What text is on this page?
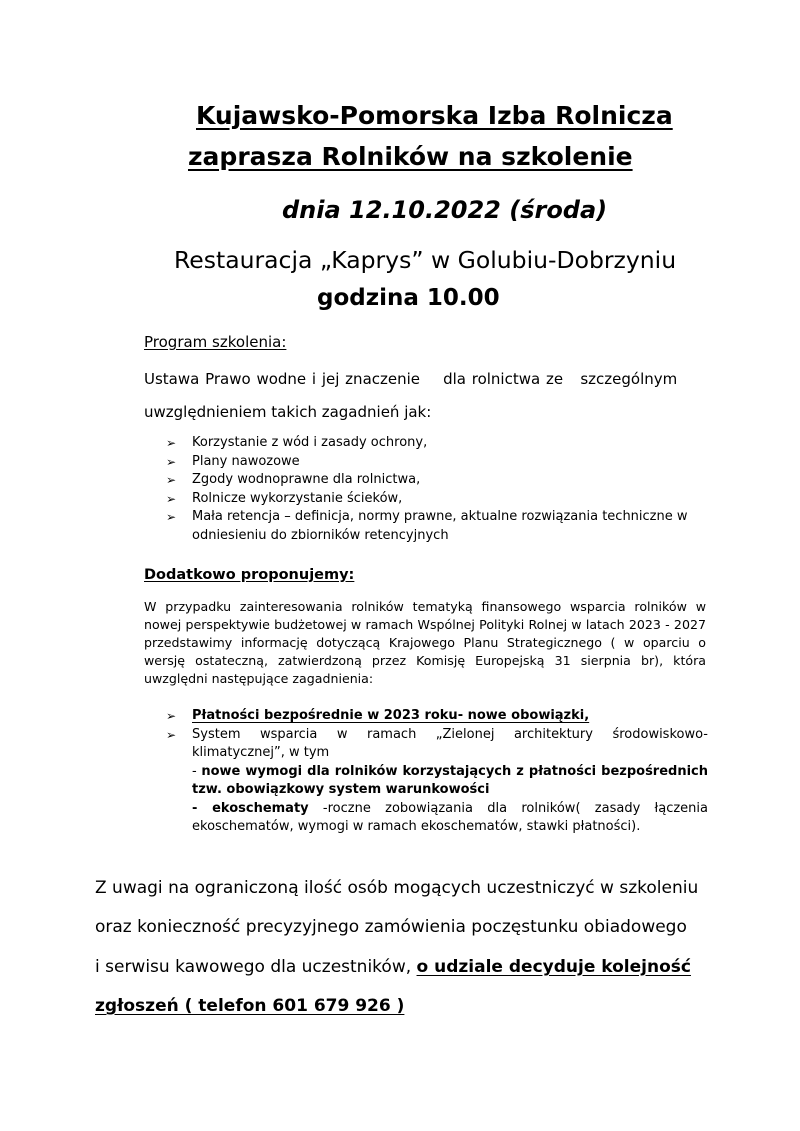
Kujawsko-Pomorska Izba Rolnicza
zaprasza Rolników na szkolenie
dnia 12.10.2022 (środa)
Restauracja „Kaprys” w Golubiu-Dobrzyniu
godzina 10.00
Program szkolenia:
Ustawa Prawo wodne i jej znaczenie    dla rolnictwa ze   szczególnym
uwzględnieniem takich zagadnień jak:
➢ Korzystanie z wód i zasady ochrony,
➢ Plany nawozowe
➢ Zgody wodnoprawne dla rolnictwa,
➢ Rolnicze wykorzystanie ścieków,
➢ Mała retencja – definicja, normy prawne, aktualne rozwiązania techniczne w odniesieniu do zbiorników retencyjnych
Dodatkowo proponujemy:
W przypadku zainteresowania rolników tematyką finansowego wsparcia rolników w nowej perspektywie budżetowej w ramach Wspólnej Polityki Rolnej w latach 2023 - 2027 przedstawimy informację dotyczącą Krajowego Planu Strategicznego ( w oparciu o wersję ostateczną, zatwierdzoną przez Komisję Europejską 31 sierpnia br), która uwzględni następujące zagadnienia:
➢ Płatności bezpośrednie w 2023 roku- nowe obowiązki,
➢ System wsparcia w ramach „Zielonej architektury środowiskowo-klimatycznej”, w tym
- nowe wymogi dla rolników korzystających z płatności bezpośrednich tzw. obowiązkowy system warunkowości
- ekoschematy -roczne zobowiązania dla rolników( zasady łączenia ekoschematów, wymogi w ramach ekoschematów, stawki płatności).
Z uwagi na ograniczoną ilość osób mogących uczestniczyć w szkoleniu
oraz konieczność precyzyjnego zamówienia poczęstunku obiadowego
i serwisu kawowego dla uczestników, o udziale decyduje kolejność
zgłoszeń ( telefon 601 679 926 )
